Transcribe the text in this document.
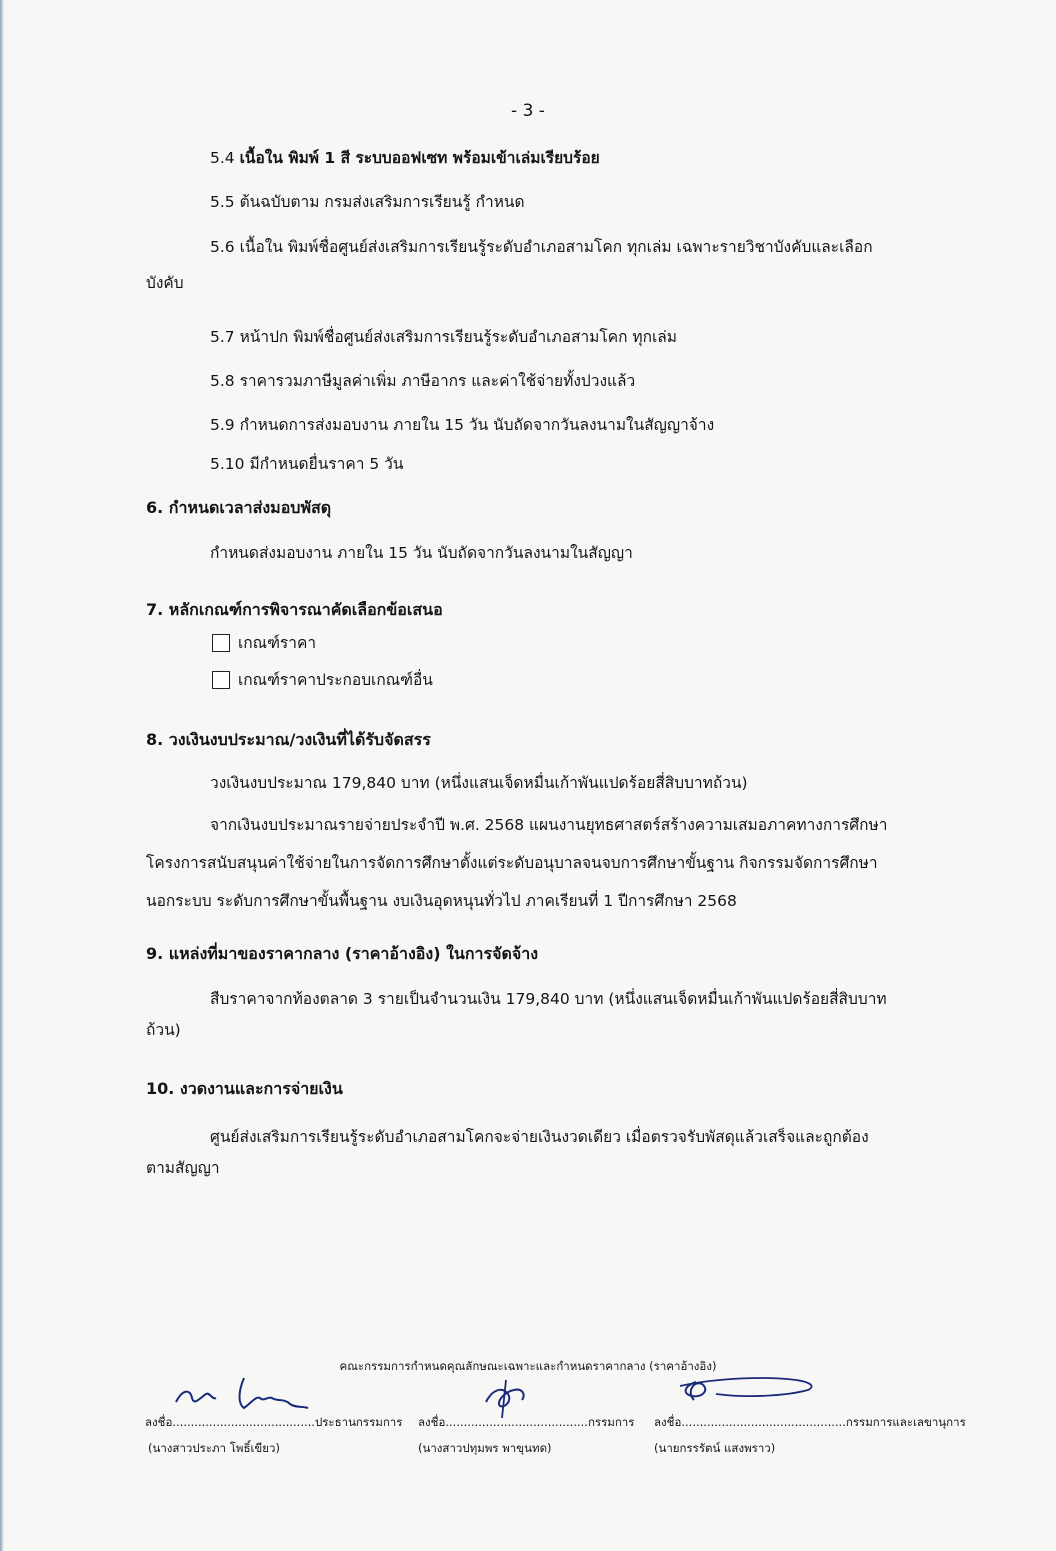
- 3 -
5.4 เนื้อใน พิมพ์ 1 สี ระบบออฟเซท พร้อมเข้าเล่มเรียบร้อย
5.5 ต้นฉบับตาม กรมส่งเสริมการเรียนรู้ กำหนด
5.6 เนื้อใน พิมพ์ชื่อศูนย์ส่งเสริมการเรียนรู้ระดับอำเภอสามโคก ทุกเล่ม เฉพาะรายวิชาบังคับและเลือก
บังคับ
5.7 หน้าปก พิมพ์ชื่อศูนย์ส่งเสริมการเรียนรู้ระดับอำเภอสามโคก ทุกเล่ม
5.8 ราคารวมภาษีมูลค่าเพิ่ม ภาษีอากร และค่าใช้จ่ายทั้งปวงแล้ว
5.9 กำหนดการส่งมอบงาน ภายใน 15 วัน นับถัดจากวันลงนามในสัญญาจ้าง
5.10 มีกำหนดยื่นราคา 5 วัน
6. กำหนดเวลาส่งมอบพัสดุ
กำหนดส่งมอบงาน ภายใน 15 วัน นับถัดจากวันลงนามในสัญญา
7. หลักเกณฑ์การพิจารณาคัดเลือกข้อเสนอ
เกณฑ์ราคา
เกณฑ์ราคาประกอบเกณฑ์อื่น
8. วงเงินงบประมาณ/วงเงินที่ได้รับจัดสรร
วงเงินงบประมาณ 179,840 บาท (หนึ่งแสนเจ็ดหมื่นเก้าพันแปดร้อยสี่สิบบาทถ้วน)
จากเงินงบประมาณรายจ่ายประจำปี พ.ศ. 2568 แผนงานยุทธศาสตร์สร้างความเสมอภาคทางการศึกษา
โครงการสนับสนุนค่าใช้จ่ายในการจัดการศึกษาตั้งแต่ระดับอนุบาลจนจบการศึกษาขั้นฐาน กิจกรรมจัดการศึกษา
นอกระบบ ระดับการศึกษาขั้นพื้นฐาน งบเงินอุดหนุนทั่วไป ภาคเรียนที่ 1 ปีการศึกษา 2568
9. แหล่งที่มาของราคากลาง (ราคาอ้างอิง) ในการจัดจ้าง
สืบราคาจากท้องตลาด 3 รายเป็นจำนวนเงิน 179,840 บาท (หนึ่งแสนเจ็ดหมื่นเก้าพันแปดร้อยสี่สิบบาท
ถ้วน)
10. งวดงานและการจ่ายเงิน
ศูนย์ส่งเสริมการเรียนรู้ระดับอำเภอสามโคกจะจ่ายเงินงวดเดียว เมื่อตรวจรับพัสดุแล้วเสร็จและถูกต้อง
ตามสัญญา
คณะกรรมการกำหนดคุณลักษณะเฉพาะและกำหนดราคากลาง (ราคาอ้างอิง)
ลงชื่อ.......................................ประธานกรรมการ ลงชื่อ.......................................กรรมการ ลงชื่อ.............................................กรรมการและเลขานุการ
(นางสาวประภา โพธิ์เขียว)	(นางสาวปทุมพร พาขุนทด)	(นายกรรรัตน์ แสงพราว)
